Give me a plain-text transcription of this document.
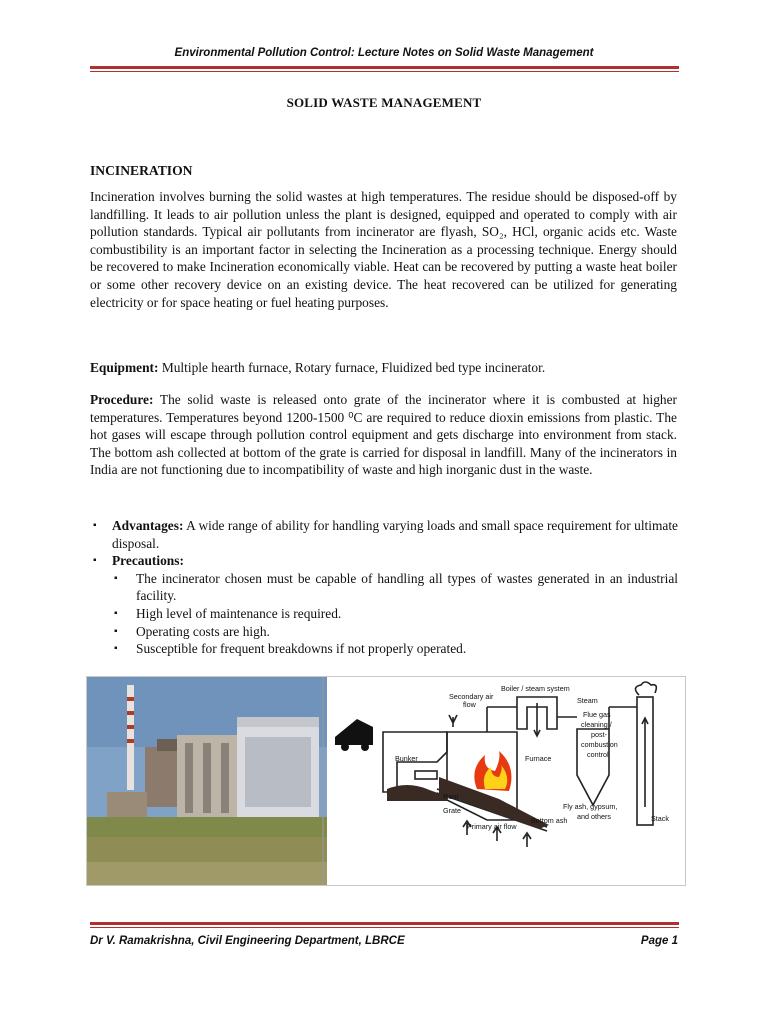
Environmental Pollution Control: Lecture Notes on Solid Waste Management
SOLID WASTE MANAGEMENT
INCINERATION
Incineration involves burning the solid wastes at high temperatures. The residue should be disposed-off by landfilling. It leads to air pollution unless the plant is designed, equipped and operated to comply with air pollution standards. Typical air pollutants from incinerator are flyash, SO₂, HCl, organic acids etc. Waste combustibility is an important factor in selecting the Incineration as a processing technique. Energy should be recovered to make Incineration economically viable. Heat can be recovered by putting a waste heat boiler or some other recovery device on an existing device. The heat recovered can be utilized for generating electricity or for space heating or fuel heating purposes.
Equipment: Multiple hearth furnace, Rotary furnace, Fluidized bed type incinerator.
Procedure: The solid waste is released onto grate of the incinerator where it is combusted at higher temperatures. Temperatures beyond 1200-1500 ⁰C are required to reduce dioxin emissions from plastic. The hot gases will escape through pollution control equipment and gets discharge into environment from stack. The bottom ash collected at bottom of the grate is carried for disposal in landfill. Many of the incinerators in India are not functioning due to incompatibility of waste and high inorganic dust in the waste.
▪ Advantages: A wide range of ability for handling varying loads and small space requirement for ultimate disposal.
▪ Precautions:
▪ The incinerator chosen must be capable of handling all types of wastes generated in an industrial facility.
▪ High level of maintenance is required.
▪ Operating costs are high.
▪ Susceptible for frequent breakdowns if not properly operated.
Boiler / steam system
Secondary air
flow	Steam
Flue gas
cleaning /
post-
combustion
control
Bunker	Furnace
Ram
Grate
Primary air flow
Bottom ash
Fly ash, gypsum,
and others	Stack
Dr V. Ramakrishna, Civil Engineering Department, LBRCE	Page 1
